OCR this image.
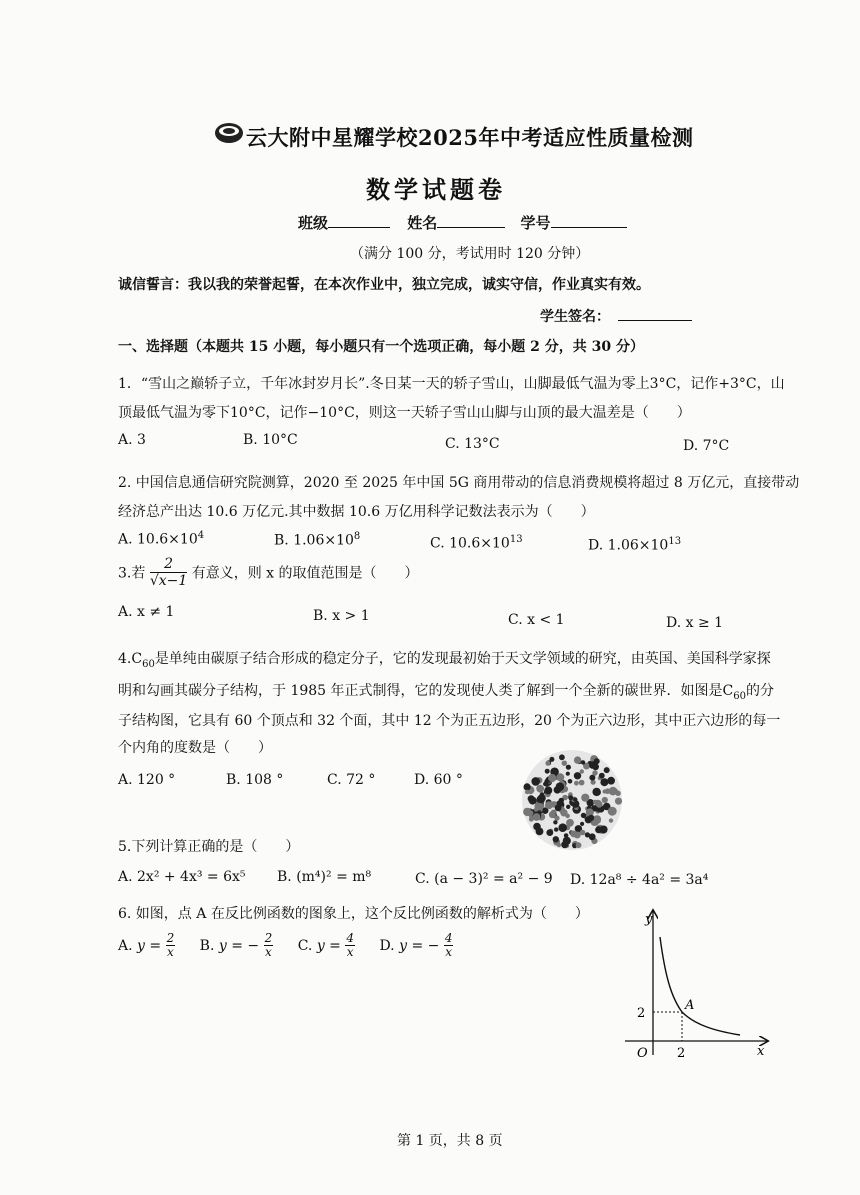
云大附中星耀学校2025年中考适应性质量检测
数学试题卷
班级	姓名	学号
（满分 100 分，考试用时 120 分钟）
诚信誓言：我以我的荣誉起誓，在本次作业中，独立完成，诚实守信，作业真实有效。
学生签名：
一、选择题（本题共 15 小题，每小题只有一个选项正确，每小题 2 分，共 30 分）
1．“雪山之巅轿子立，千年冰封岁月长”.冬日某一天的轿子雪山，山脚最低气温为零上3°C，记作+3°C，山
顶最低气温为零下10°C，记作−10°C，则这一天轿子雪山山脚与山顶的最大温差是（　　）
A. 3	B. 10°C	C. 13°C	D. 7°C
2. 中国信息通信研究院测算，2020 至 2025 年中国 5G 商用带动的信息消费规模将超过 8 万亿元，直接带动
经济总产出达 10.6 万亿元.其中数据 10.6 万亿用科学记数法表示为（　　）
A. $10.6\times 10^4$	B. $1.06\times 10^8$	C. $10.6\times 10^{13}$	D. $1.06\times 10^{13}$
3.若 $\frac{2}{√x-1}$ 有意义，则 x 的取值范围是（　　）
A. x ≠ 1	B. x > 1	C. x < 1	D. x ≥ 1
$4.C_{60}$是单纯由碳原子结合形成的稳定分子，它的发现最初始于天文学领域的研究，由英国、美国科学家探
明和勾画其碳分子结构，于 1985 年正式制得，它的发现使人类了解到一个全新的碳世界．如图是$C_{60}$的分
子结构图，它具有 60 个顶点和 32 个面，其中 12 个为正五边形，20 个为正六边形，其中正六边形的每一
个内角的度数是（　　）
A. 120 °	B. 108 °	C. 72 °	D. 60 °
5.下列计算正确的是（　　）
A. 2x² + 4x³ = 6x⁵ B. (m⁴)² = m⁸	C. (a − 3)² = a² − 9 D. 12a⁸ ÷ 4a² = 3a⁴
6. 如图，点 A 在反比例函数的图象上，这个反比例函数的解析式为（　　）
A. $y = \frac{2}{x} B$. y = − $\frac{2}{x} C$. $y = \frac{4}{x} D$. y = − $\frac{4}{x}$
y
x
O
2
2
A
第 1 页，共 8 页
